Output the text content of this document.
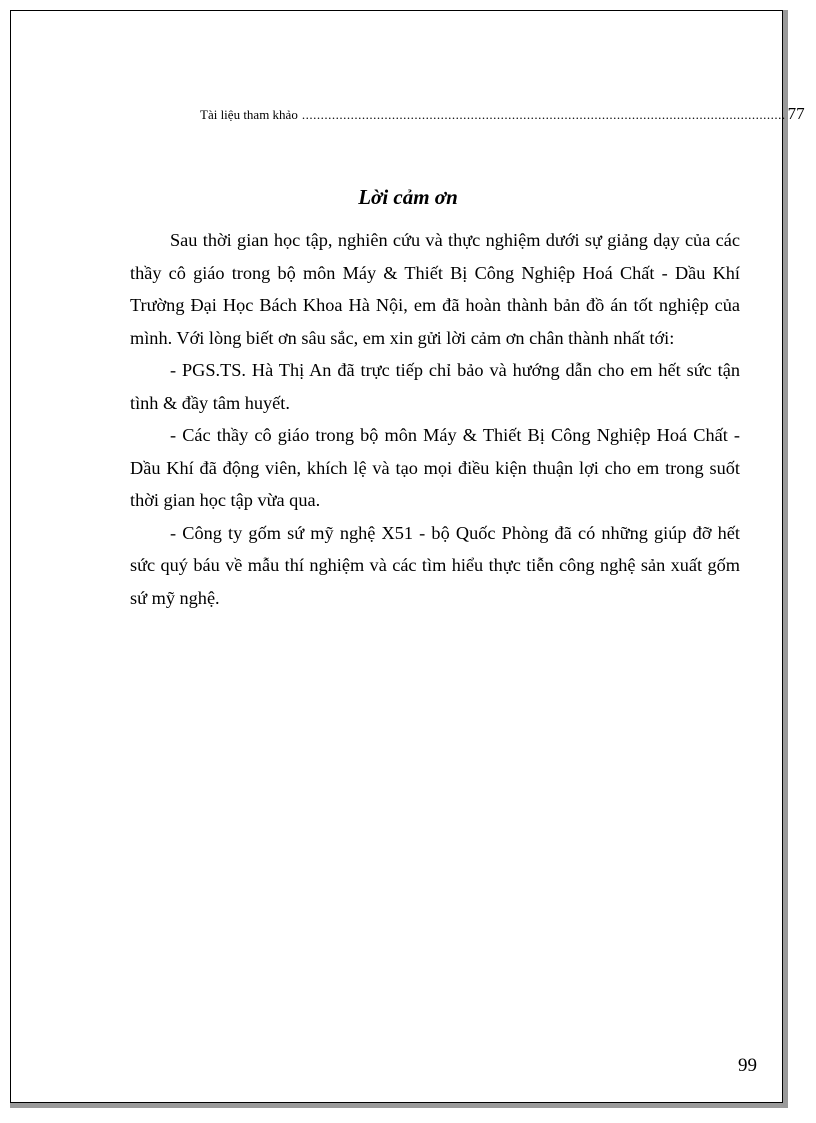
Tài liệu tham khảo ................................................................................................................................. 77
Lời cảm ơn

Sau thời gian học tập, nghiên cứu và thực nghiệm dưới sự giảng dạy của các thầy cô giáo trong bộ môn Máy & Thiết Bị Công Nghiệp Hoá Chất - Dầu Khí Trường Đại Học Bách Khoa Hà Nội, em đã hoàn thành bản đồ án tốt nghiệp của mình. Với lòng biết ơn sâu sắc, em xin gửi lời cảm ơn chân thành nhất tới:

- PGS.TS. Hà Thị An đã trực tiếp chỉ bảo và hướng dẫn cho em hết sức tận tình & đầy tâm huyết.

- Các thầy cô giáo trong bộ môn Máy & Thiết Bị Công Nghiệp Hoá Chất - Dầu Khí đã động viên, khích lệ và tạo mọi điều kiện thuận lợi cho em trong suốt thời gian học tập vừa qua.

- Công ty gốm sứ mỹ nghệ X51 - bộ Quốc Phòng đã có những giúp đỡ hết sức quý báu về mẫu thí nghiệm và các tìm hiểu thực tiễn công nghệ sản xuất gốm sứ mỹ nghệ.

99
